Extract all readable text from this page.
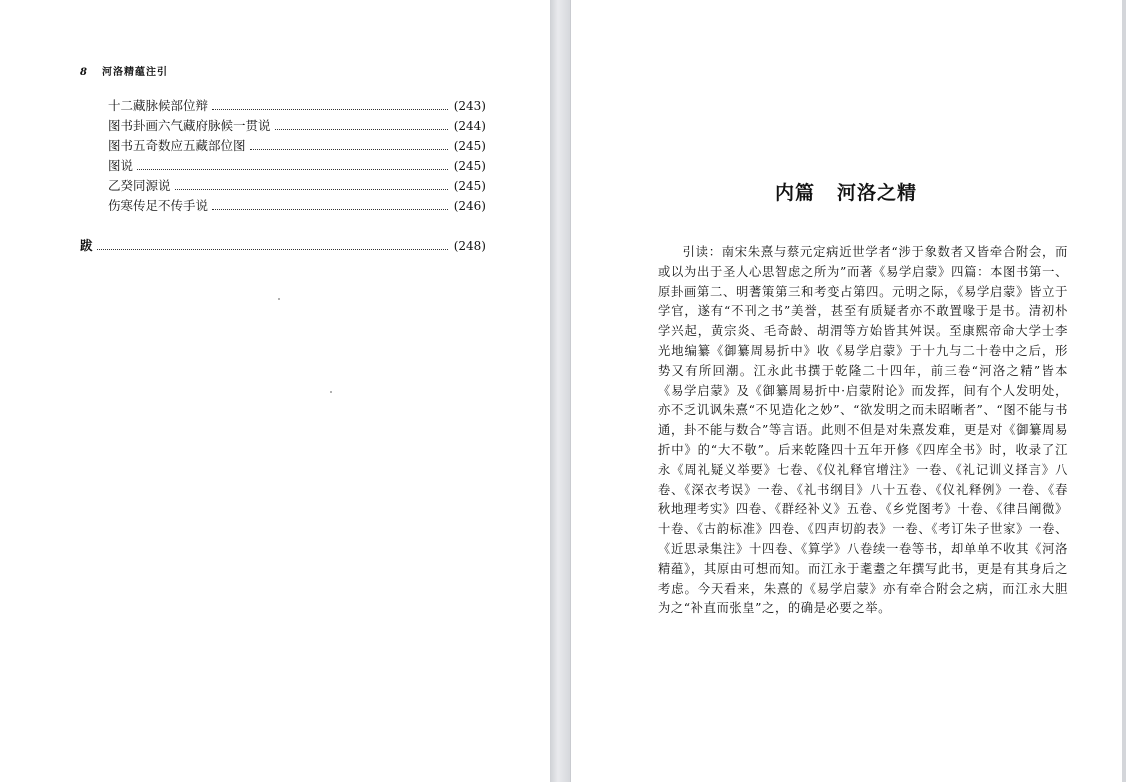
8 河洛精蕴注引
十二藏脉候部位辩	(243)
图书卦画六气藏府脉候一贯说	(244)
图书五奇数应五藏部位图	(245)
图说	(245)
乙癸同源说	(245)
伤寒传足不传手说	(246)
跋	(248)
内篇 河洛之精

引读：南宋朱熹与蔡元定病近世学者“涉于象数者又皆牵合附会，而或以为出于圣人心思智虑之所为”而著《易学启蒙》四篇：本图书第一、原卦画第二、明蓍策第三和考变占第四。元明之际，《易学启蒙》皆立于学官，遂有“不刊之书”美誉，甚至有质疑者亦不敢置喙于是书。清初朴学兴起，黄宗炎、毛奇龄、胡渭等方始皆其舛误。至康熙帝命大学士李光地编纂《御纂周易折中》收《易学启蒙》于十九与二十卷中之后，形势又有所回潮。江永此书撰于乾隆二十四年，前三卷“河洛之精”皆本《易学启蒙》及《御纂周易折中·启蒙附论》而发挥，间有个人发明处，亦不乏讥讽朱熹“不见造化之妙”、“欲发明之而未昭晰者”、“图不能与书通，卦不能与数合”等言语。此则不但是对朱熹发难，更是对《御纂周易折中》的“大不敬”。后来乾隆四十五年开修《四库全书》时，收录了江永《周礼疑义举要》七卷、《仪礼释官增注》一卷、《礼记训义择言》八卷、《深衣考误》一卷、《礼书纲目》八十五卷、《仪礼释例》一卷、《春秋地理考实》四卷、《群经补义》五卷、《乡党图考》十卷、《律吕阐微》十卷、《古韵标准》四卷、《四声切韵表》一卷、《考订朱子世家》一卷、《近思录集注》十四卷、《算学》八卷续一卷等书，却单单不收其《河洛精蕴》，其原由可想而知。而江永于耄耋之年撰写此书，更是有其身后之考虑。今天看来，朱熹的《易学启蒙》亦有牵合附会之病，而江永大胆为之“补直而张皇”之，的确是必要之举。
